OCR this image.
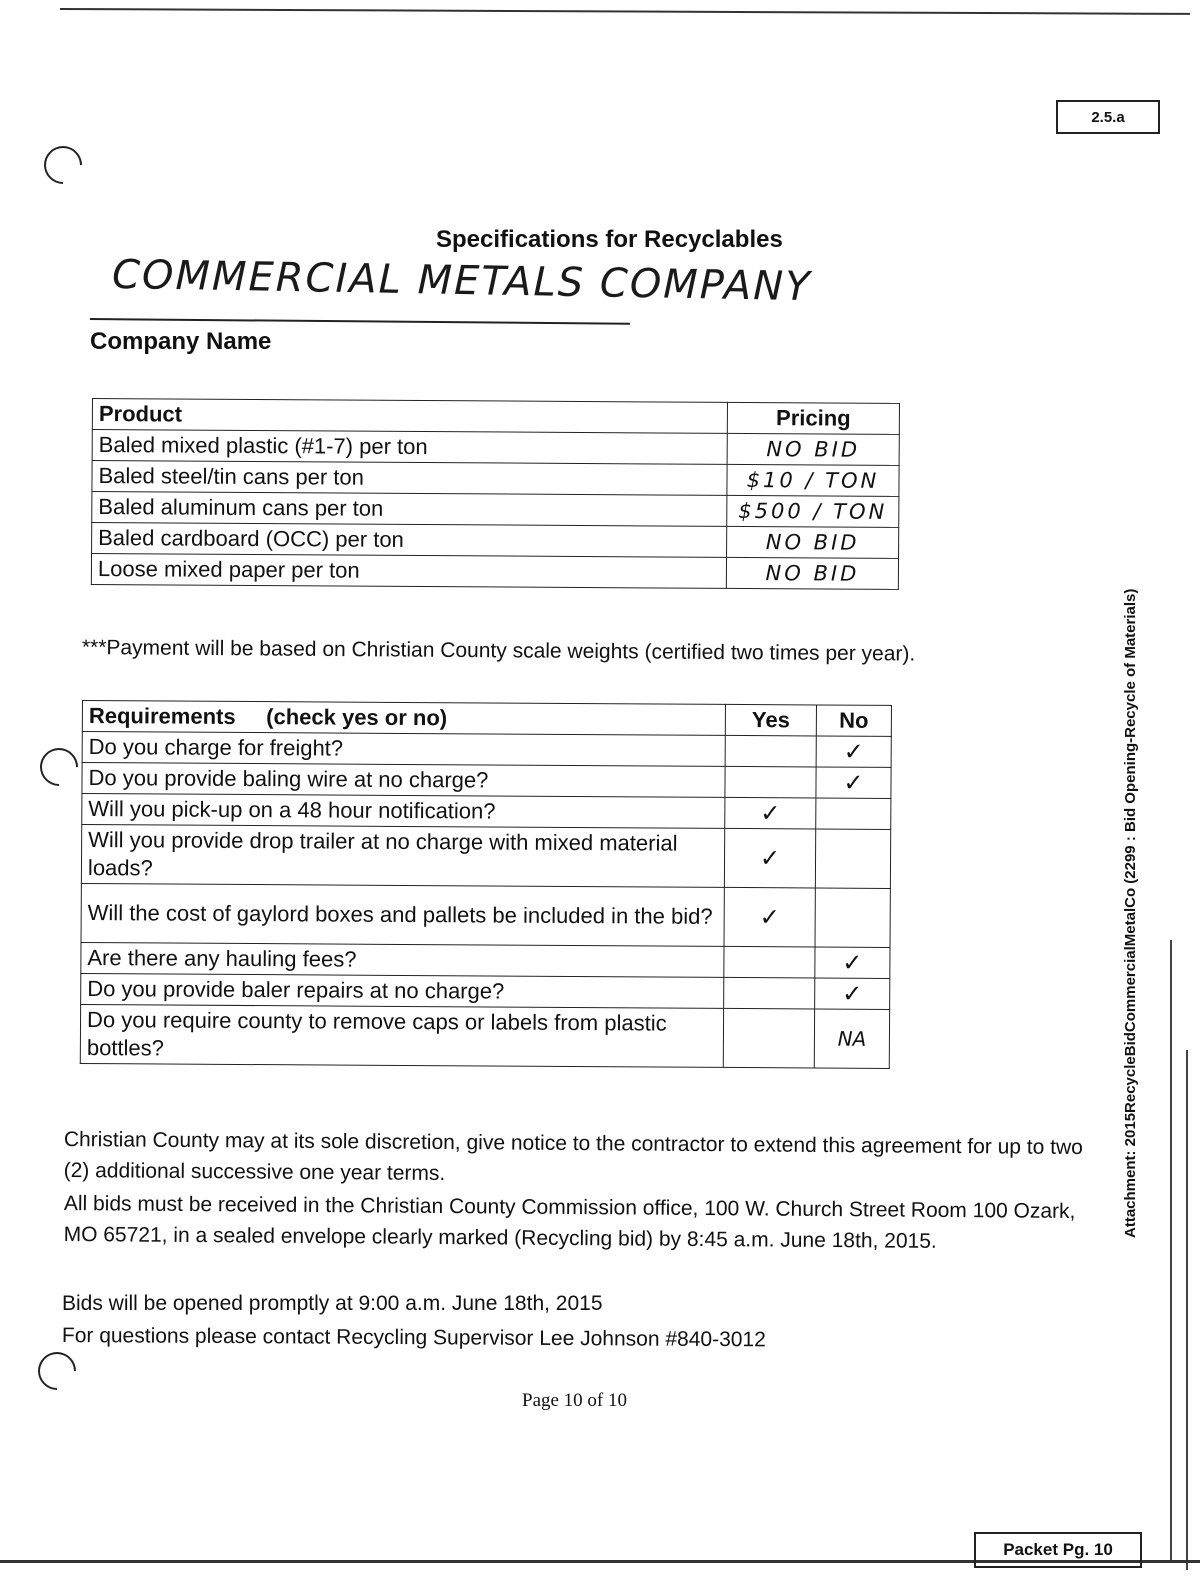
2.5.a
Specifications for Recyclables
COMMERCIAL METALS COMPANY
Company Name
Product	Pricing
Baled mixed plastic (#1-7) per ton	NO BID
Baled steel/tin cans per ton	$10 / TON
Baled aluminum cans per ton	$500 / TON
Baled cardboard (OCC) per ton	NO BID
Loose mixed paper per ton	NO BID
***Payment will be based on Christian County scale weights (certified two times per year).
Requirements (check yes or no)	Yes	No
Do you charge for freight?		✓
Do you provide baling wire at no charge?		✓
Will you pick-up on a 48 hour notification?	✓	
Will you provide drop trailer at no charge with mixed material loads?	✓	
Will the cost of gaylord boxes and pallets be included in the bid?	✓	
Are there any hauling fees?		✓
Do you provide baler repairs at no charge?		✓
Do you require county to remove caps or labels from plastic bottles?		NA
Christian County may at its sole discretion, give notice to the contractor to extend this agreement for up to two (2) additional successive one year terms.
All bids must be received in the Christian County Commission office, 100 W. Church Street Room 100 Ozark, MO 65721, in a sealed envelope clearly marked (Recycling bid) by 8:45 a.m. June 18th, 2015.
Bids will be opened promptly at 9:00 a.m. June 18th, 2015
For questions please contact Recycling Supervisor Lee Johnson #840-3012
Page 10 of 10
Attachment: 2015RecycleBidCommercialMetalCo (2299 : Bid Opening-Recycle of Materials)
Packet Pg. 10
